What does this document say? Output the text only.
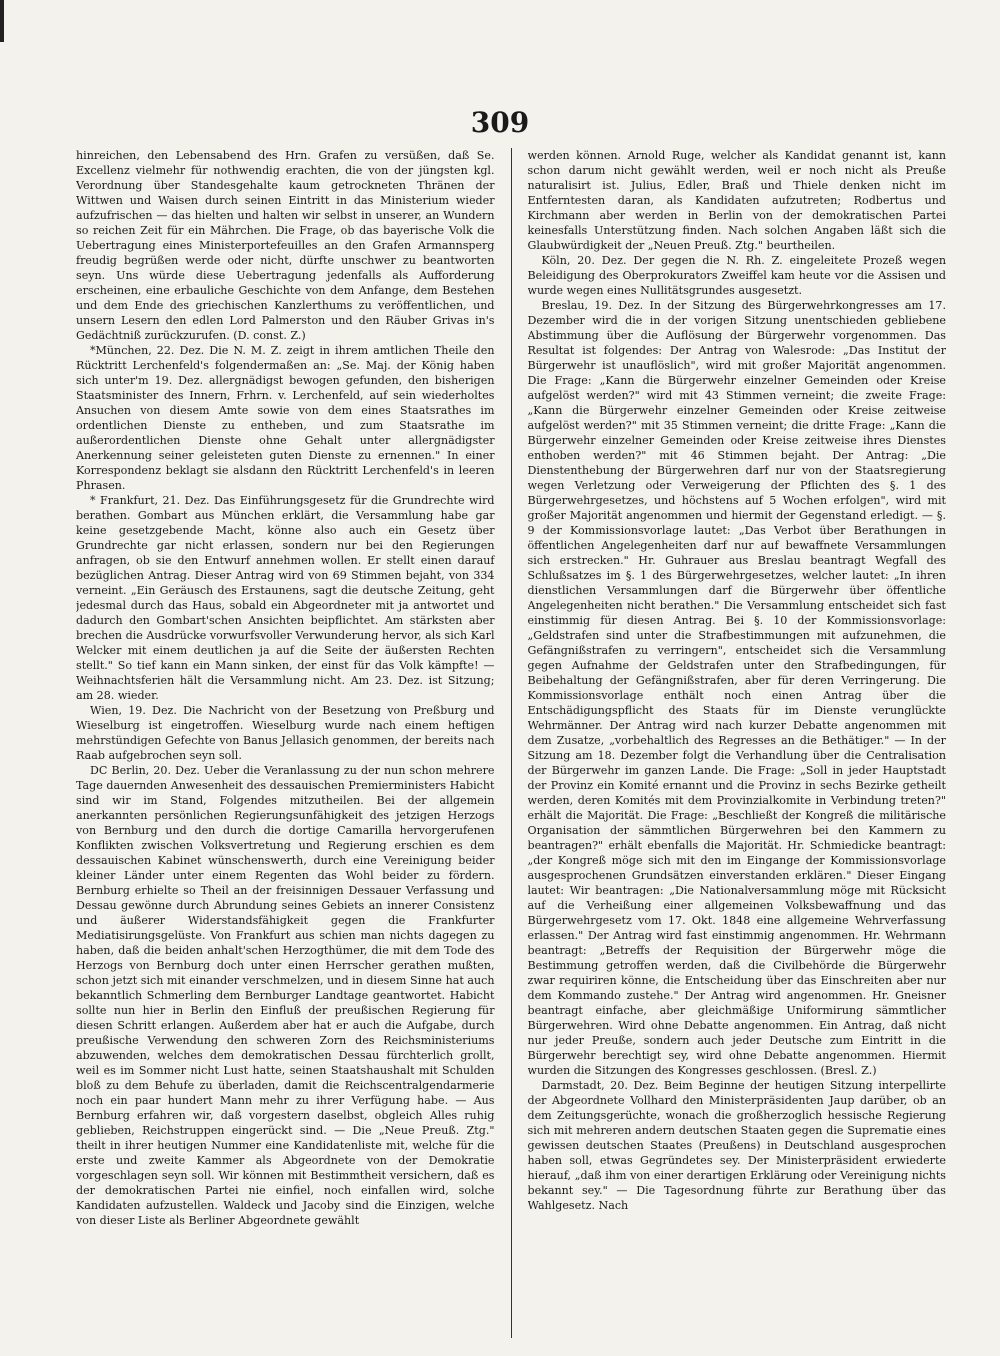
309

hinreichen, den Lebensabend des Hrn. Grafen zu versüßen, daß Se. Excellenz vielmehr für nothwendig erachten, die von der jüngsten kgl. Verordnung über Standesgehalte kaum getrockneten Thränen der Wittwen und Waisen durch seinen Eintritt in das Ministerium wieder aufzufrischen — das hielten und halten wir selbst in unserer, an Wundern so reichen Zeit für ein Mährchen. Die Frage, ob das bayerische Volk die Uebertragung eines Ministerportefeuilles an den Grafen Armannsperg freudig begrüßen werde oder nicht, dürfte unschwer zu beantworten seyn. Uns würde diese Uebertragung jedenfalls als Aufforderung erscheinen, eine erbauliche Geschichte von dem Anfange, dem Bestehen und dem Ende des griechischen Kanzlerthums zu veröffentlichen, und unsern Lesern den edlen Lord Palmerston und den Räuber Grivas in's Gedächtniß zurückzurufen. (D. const. Z.)

*München, 22. Dez. Die N. M. Z. zeigt in ihrem amtlichen Theile den Rücktritt Lerchenfeld's folgendermaßen an: „Se. Maj. der König haben sich unter'm 19. Dez. allergnädigst bewogen gefunden, den bisherigen Staatsminister des Innern, Frhrn. v. Lerchenfeld, auf sein wiederholtes Ansuchen von diesem Amte sowie von dem eines Staatsrathes im ordentlichen Dienste zu entheben, und zum Staatsrathe im außerordentlichen Dienste ohne Gehalt unter allergnädigster Anerkennung seiner geleisteten guten Dienste zu ernennen." In einer Korrespondenz beklagt sie alsdann den Rücktritt Lerchenfeld's in leeren Phrasen.

* Frankfurt, 21. Dez. Das Einführungsgesetz für die Grundrechte wird berathen. Gombart aus München erklärt, die Versammlung habe gar keine gesetzgebende Macht, könne also auch ein Gesetz über Grundrechte gar nicht erlassen, sondern nur bei den Regierungen anfragen, ob sie den Entwurf annehmen wollen. Er stellt einen darauf bezüglichen Antrag. Dieser Antrag wird von 69 Stimmen bejaht, von 334 verneint. „Ein Geräusch des Erstaunens, sagt die deutsche Zeitung, geht jedesmal durch das Haus, sobald ein Abgeordneter mit ja antwortet und dadurch den Gombart'schen Ansichten beipflichtet. Am stärksten aber brechen die Ausdrücke vorwurfsvoller Verwunderung hervor, als sich Karl Welcker mit einem deutlichen ja auf die Seite der äußersten Rechten stellt." So tief kann ein Mann sinken, der einst für das Volk kämpfte! — Weihnachtsferien hält die Versammlung nicht. Am 23. Dez. ist Sitzung; am 28. wieder.

Wien, 19. Dez. Die Nachricht von der Besetzung von Preßburg und Wieselburg ist eingetroffen. Wieselburg wurde nach einem heftigen mehrstündigen Gefechte von Banus Jellasich genommen, der bereits nach Raab aufgebrochen seyn soll.

DC Berlin, 20. Dez. Ueber die Veranlassung zu der nun schon mehrere Tage dauernden Anwesenheit des dessauischen Premierministers Habicht sind wir im Stand, Folgendes mitzutheilen. Bei der allgemein anerkannten persönlichen Regierungsunfähigkeit des jetzigen Herzogs von Bernburg und den durch die dortige Camarilla hervorgerufenen Konflikten zwischen Volksvertretung und Regierung erschien es dem dessauischen Kabinet wünschenswerth, durch eine Vereinigung beider kleiner Länder unter einem Regenten das Wohl beider zu fördern. Bernburg erhielte so Theil an der freisinnigen Dessauer Verfassung und Dessau gewönne durch Abrundung seines Gebiets an innerer Consistenz und äußerer Widerstandsfähigkeit gegen die Frankfurter Mediatisirungsgelüste. Von Frankfurt aus schien man nichts dagegen zu haben, daß die beiden anhalt'schen Herzogthümer, die mit dem Tode des Herzogs von Bernburg doch unter einen Herrscher gerathen mußten, schon jetzt sich mit einander verschmelzen, und in diesem Sinne hat auch bekanntlich Schmerling dem Bernburger Landtage geantwortet. Habicht sollte nun hier in Berlin den Einfluß der preußischen Regierung für diesen Schritt erlangen. Außerdem aber hat er auch die Aufgabe, durch preußische Verwendung den schweren Zorn des Reichsministeriums abzuwenden, welches dem demokratischen Dessau fürchterlich grollt, weil es im Sommer nicht Lust hatte, seinen Staatshaushalt mit Schulden bloß zu dem Behufe zu überladen, damit die Reichscentralgendarmerie noch ein paar hundert Mann mehr zu ihrer Verfügung habe. — Aus Bernburg erfahren wir, daß vorgestern daselbst, obgleich Alles ruhig geblieben, Reichstruppen eingerückt sind. — Die „Neue Preuß. Ztg." theilt in ihrer heutigen Nummer eine Kandidatenliste mit, welche für die erste und zweite Kammer als Abgeordnete von der Demokratie vorgeschlagen seyn soll. Wir können mit Bestimmtheit versichern, daß es der demokratischen Partei nie einfiel, noch einfallen wird, solche Kandidaten aufzustellen. Waldeck und Jacoby sind die Einzigen, welche von dieser Liste als Berliner Abgeordnete gewählt

werden können. Arnold Ruge, welcher als Kandidat genannt ist, kann schon darum nicht gewählt werden, weil er noch nicht als Preuße naturalisirt ist. Julius, Edler, Braß und Thiele denken nicht im Entferntesten daran, als Kandidaten aufzutreten; Rodbertus und Kirchmann aber werden in Berlin von der demokratischen Partei keinesfalls Unterstützung finden. Nach solchen Angaben läßt sich die Glaubwürdigkeit der „Neuen Preuß. Ztg." beurtheilen.

Köln, 20. Dez. Der gegen die N. Rh. Z. eingeleitete Prozeß wegen Beleidigung des Oberprokurators Zweiffel kam heute vor die Assisen und wurde wegen eines Nullitätsgrundes ausgesetzt.

Breslau, 19. Dez. In der Sitzung des Bürgerwehrkongresses am 17. Dezember wird die in der vorigen Sitzung unentschieden gebliebene Abstimmung über die Auflösung der Bürgerwehr vorgenommen. Das Resultat ist folgendes: Der Antrag von Walesrode: „Das Institut der Bürgerwehr ist unauflöslich", wird mit großer Majorität angenommen. Die Frage: „Kann die Bürgerwehr einzelner Gemeinden oder Kreise aufgelöst werden?" wird mit 43 Stimmen verneint; die zweite Frage: „Kann die Bürgerwehr einzelner Gemeinden oder Kreise zeitweise aufgelöst werden?" mit 35 Stimmen verneint; die dritte Frage: „Kann die Bürgerwehr einzelner Gemeinden oder Kreise zeitweise ihres Dienstes enthoben werden?" mit 46 Stimmen bejaht. Der Antrag: „Die Dienstenthebung der Bürgerwehren darf nur von der Staatsregierung wegen Verletzung oder Verweigerung der Pflichten des §. 1 des Bürgerwehrgesetzes, und höchstens auf 5 Wochen erfolgen", wird mit großer Majorität angenommen und hiermit der Gegenstand erledigt. — §. 9 der Kommissionsvorlage lautet: „Das Verbot über Berathungen in öffentlichen Angelegenheiten darf nur auf bewaffnete Versammlungen sich erstrecken." Hr. Guhrauer aus Breslau beantragt Wegfall des Schlußsatzes im §. 1 des Bürgerwehrgesetzes, welcher lautet: „In ihren dienstlichen Versammlungen darf die Bürgerwehr über öffentliche Angelegenheiten nicht berathen." Die Versammlung entscheidet sich fast einstimmig für diesen Antrag. Bei §. 10 der Kommissionsvorlage: „Geldstrafen sind unter die Strafbestimmungen mit aufzunehmen, die Gefängnißstrafen zu verringern", entscheidet sich die Versammlung gegen Aufnahme der Geldstrafen unter den Strafbedingungen, für Beibehaltung der Gefängnißstrafen, aber für deren Verringerung. Die Kommissionsvorlage enthält noch einen Antrag über die Entschädigungspflicht des Staats für im Dienste verunglückte Wehrmänner. Der Antrag wird nach kurzer Debatte angenommen mit dem Zusatze, „vorbehaltlich des Regresses an die Bethätiger." — In der Sitzung am 18. Dezember folgt die Verhandlung über die Centralisation der Bürgerwehr im ganzen Lande. Die Frage: „Soll in jeder Hauptstadt der Provinz ein Komité ernannt und die Provinz in sechs Bezirke getheilt werden, deren Komités mit dem Provinzialkomite in Verbindung treten?" erhält die Majorität. Die Frage: „Beschließt der Kongreß die militärische Organisation der sämmtlichen Bürgerwehren bei den Kammern zu beantragen?" erhält ebenfalls die Majorität. Hr. Schmiedicke beantragt: „der Kongreß möge sich mit den im Eingange der Kommissionsvorlage ausgesprochenen Grundsätzen einverstanden erklären." Dieser Eingang lautet: Wir beantragen: „Die Nationalversammlung möge mit Rücksicht auf die Verheißung einer allgemeinen Volksbewaffnung und das Bürgerwehrgesetz vom 17. Okt. 1848 eine allgemeine Wehrverfassung erlassen." Der Antrag wird fast einstimmig angenommen. Hr. Wehrmann beantragt: „Betreffs der Requisition der Bürgerwehr möge die Bestimmung getroffen werden, daß die Civilbehörde die Bürgerwehr zwar requiriren könne, die Entscheidung über das Einschreiten aber nur dem Kommando zustehe." Der Antrag wird angenommen. Hr. Gneisner beantragt einfache, aber gleichmäßige Uniformirung sämmtlicher Bürgerwehren. Wird ohne Debatte angenommen. Ein Antrag, daß nicht nur jeder Preuße, sondern auch jeder Deutsche zum Eintritt in die Bürgerwehr berechtigt sey, wird ohne Debatte angenommen. Hiermit wurden die Sitzungen des Kongresses geschlossen. (Bresl. Z.)

Darmstadt, 20. Dez. Beim Beginne der heutigen Sitzung interpellirte der Abgeordnete Vollhard den Ministerpräsidenten Jaup darüber, ob an dem Zeitungsgerüchte, wonach die großherzoglich hessische Regierung sich mit mehreren andern deutschen Staaten gegen die Suprematie eines gewissen deutschen Staates (Preußens) in Deutschland ausgesprochen haben soll, etwas Gegründetes sey. Der Ministerpräsident erwiederte hierauf, „daß ihm von einer derartigen Erklärung oder Vereinigung nichts bekannt sey." — Die Tagesordnung führte zur Berathung über das Wahlgesetz. Nach
